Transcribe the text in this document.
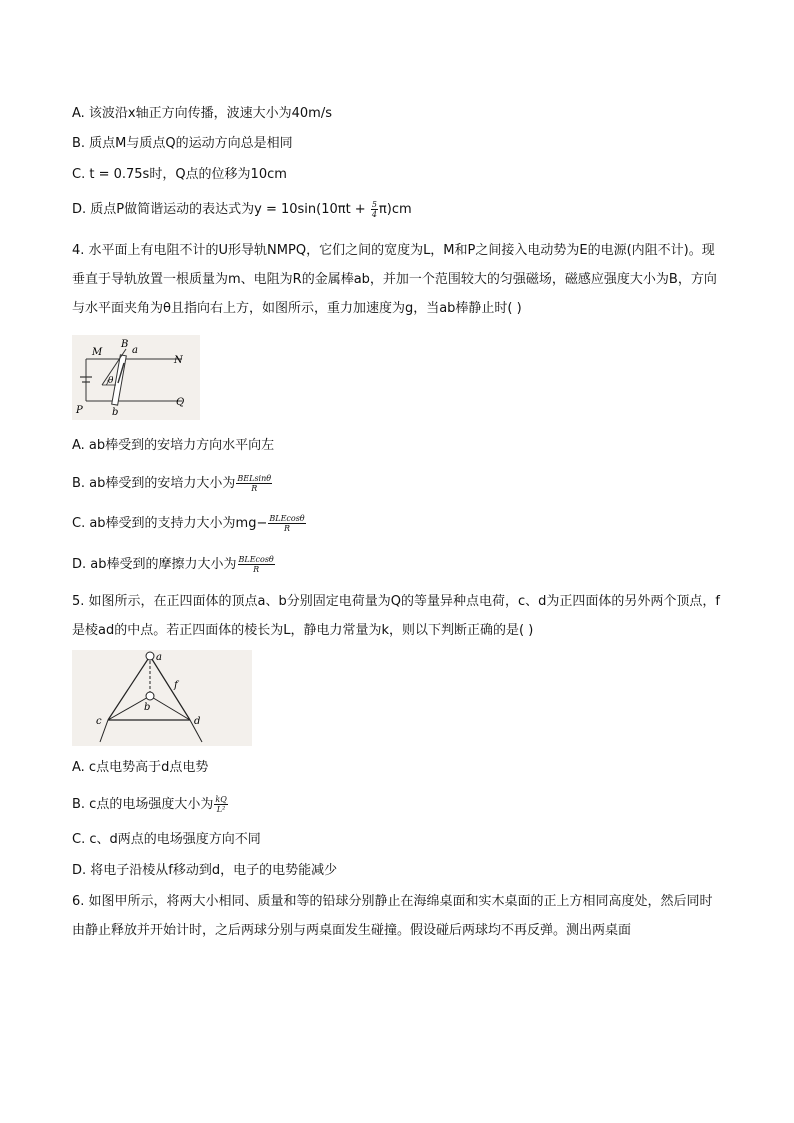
A. 该波沿x轴正方向传播，波速大小为40m/s
B. 质点M与质点Q的运动方向总是相同
C. t = 0.75s时，Q点的位移为10cm
D. 质点P做简谐运动的表达式为$y = 10\sin(10\pi t + \frac{5}{4} \pi)cm$
4. 水平面上有电阻不计的U形导轨NMPQ，它们之间的宽度为L，M和P之间接入电动势为E的电源(内阻不计)。现垂直于导轨放置一根质量为m、电阻为R的金属棒ab，并加一个范围较大的匀强磁场，磁感应强度大小为B，方向与水平面夹角为θ且指向右上方，如图所示，重力加速度为g，当ab棒静止时( )
M
B
a
N
θ
P	b
Q
A. ab棒受到的安培力方向水平向左
B. ab棒受到的安培力大小为 $\frac{\text{BELsinθ}}{R}$
C. ab棒受到的支持力大小为$mg- \frac{\text{BLEcosθ}}{R}$
D. ab棒受到的摩擦力大小为 $\frac{\text{BLEcosθ}}{R}$
5. 如图所示，在正四面体的顶点a、b分别固定电荷量为Q的等量异种点电荷，c、d为正四面体的另外两个顶点，f是棱ad的中点。若正四面体的棱长为L，静电力常量为k，则以下判断正确的是( )
a
f
b
c	d
A. c点电势高于d点电势
B. c点的电场强度大小为 $\frac{kQ}{\text{L²}}$
C. c、d两点的电场强度方向不同
D. 将电子沿棱从f移动到d，电子的电势能减少
6. 如图甲所示，将两大小相同、质量和等的铅球分别静止在海绵桌面和实木桌面的正上方相同高度处，然后同时由静止释放并开始计时，之后两球分别与两桌面发生碰撞。假设碰后两球均不再反弹。测出两桌面
